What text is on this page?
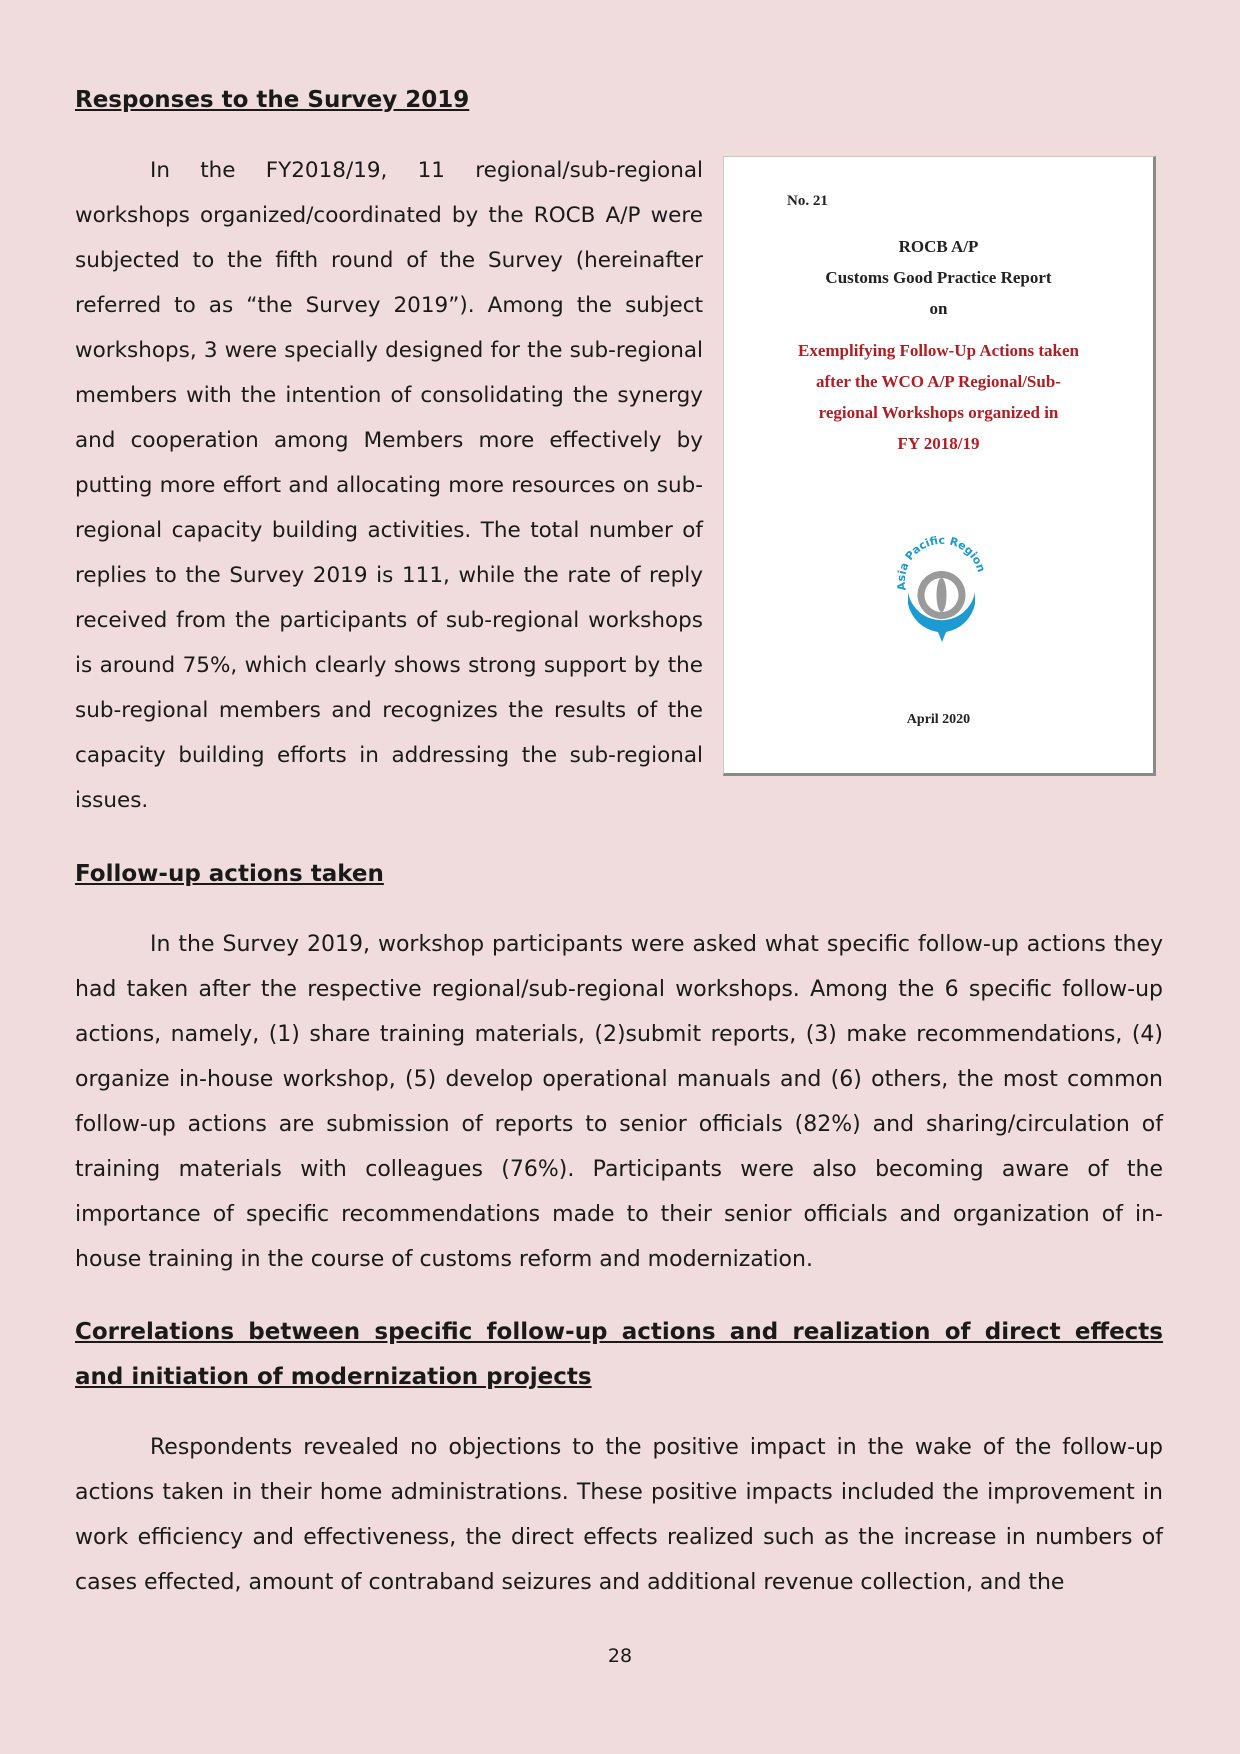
Responses to the Survey 2019

In the FY2018/19, 11 regional/sub-regional workshops organized/coordinated by the ROCB A/P were subjected to the fifth round of the Survey (hereinafter referred to as “the Survey 2019”). Among the subject workshops, 3 were specially designed for the sub-regional members with the intention of consolidating the synergy and cooperation among Members more effectively by putting more effort and allocating more resources on sub-regional capacity building activities. The total number of replies to the Survey 2019 is 111, while the rate of reply received from the participants of sub-regional workshops is around 75%, which clearly shows strong support by the sub-regional members and recognizes the results of the capacity building efforts in addressing the sub-regional issues.

No. 21
ROCB A/P
Customs Good Practice Report
on
Exemplifying Follow-Up Actions taken
after the WCO A/P Regional/Sub-
regional Workshops organized in
FY 2018/19
Asia Pacific Region
April 2020
Follow-up actions taken

In the Survey 2019, workshop participants were asked what specific follow-up actions they had taken after the respective regional/sub-regional workshops. Among the 6 specific follow-up actions, namely, (1) share training materials, (2)submit reports, (3) make recommendations, (4) organize in-house workshop, (5) develop operational manuals and (6) others, the most common follow-up actions are submission of reports to senior officials (82%) and sharing/circulation of training materials with colleagues (76%). Participants were also becoming aware of the importance of specific recommendations made to their senior officials and organization of in-house training in the course of customs reform and modernization.

Correlations between specific follow-up actions and realization of direct effects and initiation of modernization projects

Respondents revealed no objections to the positive impact in the wake of the follow-up actions taken in their home administrations. These positive impacts included the improvement in work efficiency and effectiveness, the direct effects realized such as the increase in numbers of cases effected, amount of contraband seizures and additional revenue collection, and the

28
